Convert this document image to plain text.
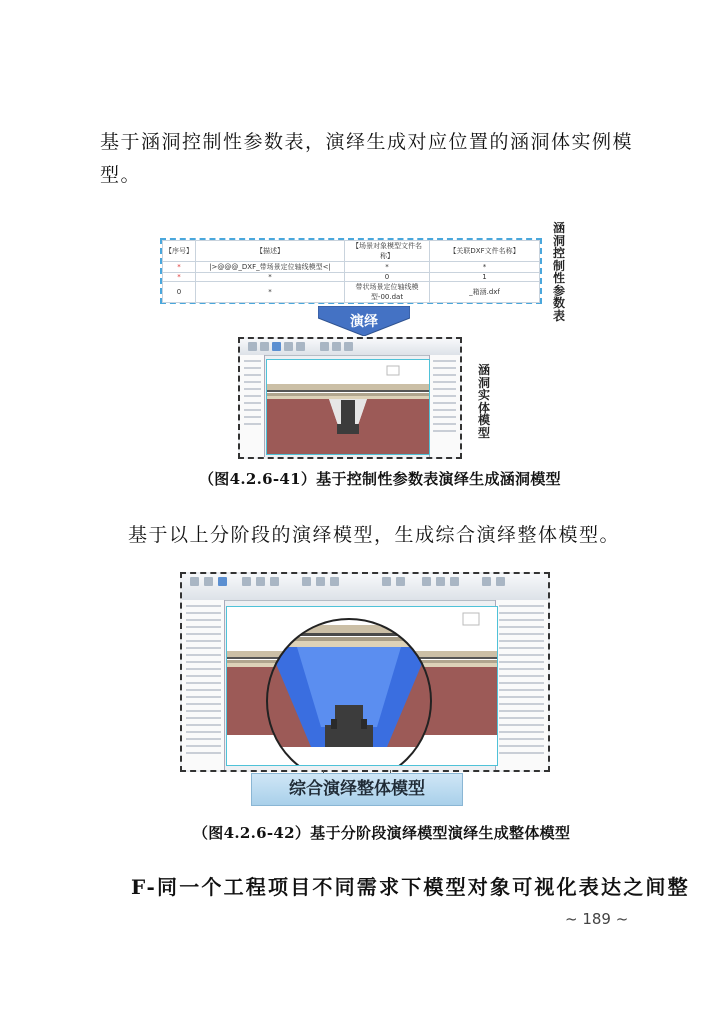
基于涵洞控制性参数表，演绎生成对应位置的涵洞体实例模型。
【序号】	【描述】	【场景对象模型文件名称】	【关联DXF文件名称】
*	|>@@@_DXF_带场景定位轴线模型<|	*	*
*	*	0	1
0	*	带状场景定位轴线模型-00.dat	_箱涵.dxf
涵洞控制性参数表
演绎
涵洞实体模型
（图4.2.6-41）基于控制性参数表演绎生成涵洞模型
基于以上分阶段的演绎模型，生成综合演绎整体模型。
综合演绎整体模型
（图4.2.6-42）基于分阶段演绎模型演绎生成整体模型
F-同一个工程项目不同需求下模型对象可视化表达之间整
~ 189 ~
